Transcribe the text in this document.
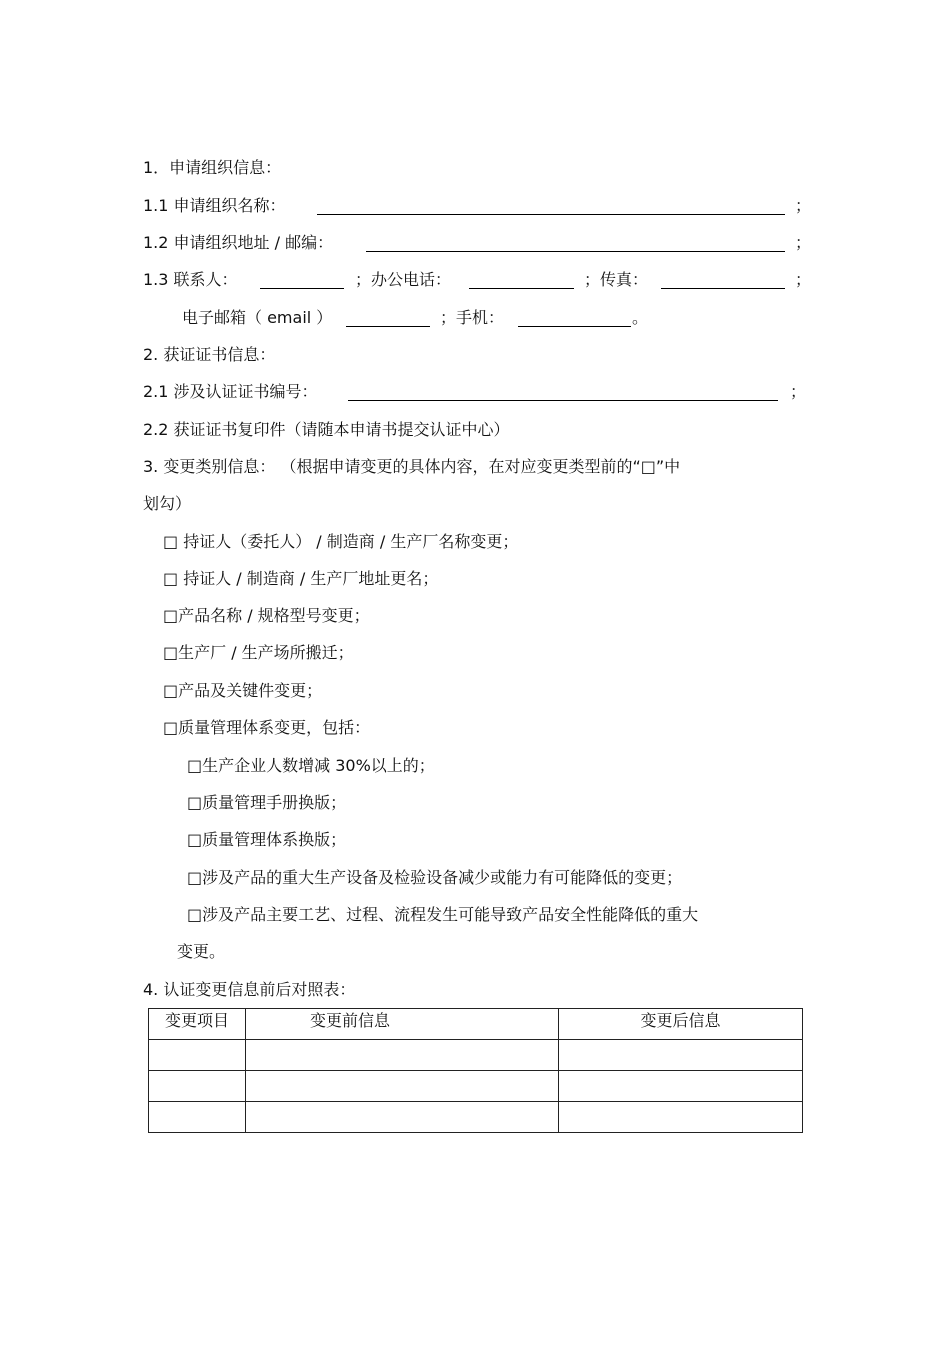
1．申请组织信息：
1.1 申请组织名称：	；
1.2 申请组织地址 / 邮编：	；
1.3 联系人：	；办公电话：	；传真：	；
电子邮箱（ email ）	；手机：	。
2. 获证证书信息：
2.1 涉及认证证书编号：	；
2.2 获证证书复印件（请随本申请书提交认证中心）
3. 变更类别信息： （根据申请变更的具体内容，在对应变更类型前的“□”中
划勾）
□ 持证人（委托人） / 制造商 / 生产厂名称变更；
□ 持证人 / 制造商 / 生产厂地址更名；
□产品名称 / 规格型号变更；
□生产厂 / 生产场所搬迁；
□产品及关键件变更；
□质量管理体系变更，包括：
□生产企业人数增减 30%以上的；
□质量管理手册换版；
□质量管理体系换版；
□涉及产品的重大生产设备及检验设备减少或能力有可能降低的变更；
□涉及产品主要工艺、过程、流程发生可能导致产品安全性能降低的重大
变更。
4. 认证变更信息前后对照表：
变更项目	变更前信息	变更后信息
